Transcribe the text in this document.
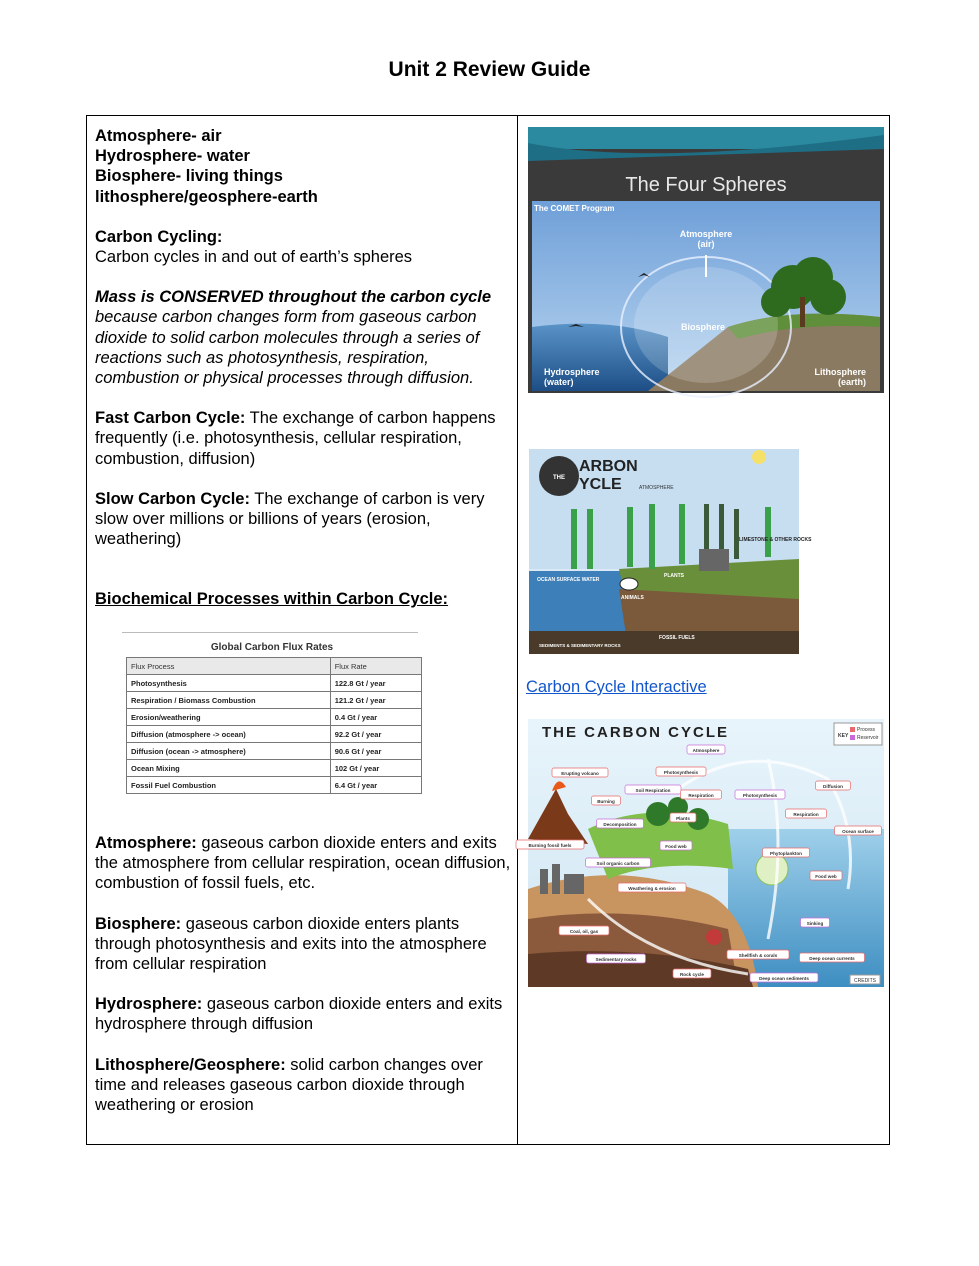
Unit 2 Review Guide

Atmosphere- air

Hydrosphere- water

Biosphere- living things

lithosphere/geosphere-earth

Carbon Cycling:

Carbon cycles in and out of earth’s spheres

Mass is CONSERVED throughout the carbon cycle because carbon changes form from gaseous carbon dioxide to solid carbon molecules through a series of reactions such as photosynthesis, respiration, combustion or physical processes through diffusion.

Fast Carbon Cycle: The exchange of carbon happens frequently (i.e. photosynthesis, cellular respiration, combustion, diffusion)

Slow Carbon Cycle: The exchange of carbon is very slow over millions or billions of years (erosion, weathering)

Biochemical Processes within Carbon Cycle:

Global Carbon Flux Rates
Flux Process	Flux Rate
Photosynthesis	122.8 Gt / year
Respiration / Biomass Combustion	121.2 Gt / year
Erosion/weathering	0.4 Gt / year
Diffusion (atmosphere -> ocean)	92.2 Gt / year
Diffusion (ocean -> atmosphere)	90.6 Gt / year
Ocean Mixing	102 Gt / year
Fossil Fuel Combustion	6.4 Gt / year

Atmosphere: gaseous carbon dioxide enters and exits the atmosphere from cellular respiration, ocean diffusion, combustion of fossil fuels, etc.

Biosphere: gaseous carbon dioxide enters plants through photosynthesis and exits into the atmosphere from cellular respiration

Hydrosphere: gaseous carbon dioxide enters and exits hydrosphere through diffusion

Lithosphere/Geosphere: solid carbon changes over time and releases gaseous carbon dioxide through weathering or erosion

The Four Spheres
The COMET Program
Atmosphere
(air)
Biosphere
Hydrosphere
(water)
Lithosphere
(earth)
THE
ARBON
YCLE	ATMOSPHERE
PLANTS
ANIMALS
OCEAN SURFACE WATER
LIMESTONE & OTHER ROCKS
FOSSIL FUELS
SEDIMENTS & SEDIMENTARY ROCKS
Carbon Cycle Interactive
THE CARBON CYCLE	KEY
Process
Reservoir
Atmosphere
Photosynthesis
Erupting volcano
Soil Respiration
Burning
Respiration	Photosynthesis
Diffusion
Plants
Decomposition
Respiration
Ocean surface
Food web
Burning fossil fuels
Phytoplankton
Soil organic carbon
Food web
Weathering & erosion
Sinking
Coal, oil, gas
Shellfish & corals
Sedimentary rocks	Deep ocean currents
Rock cycle
Deep ocean sediments	CREDITS
